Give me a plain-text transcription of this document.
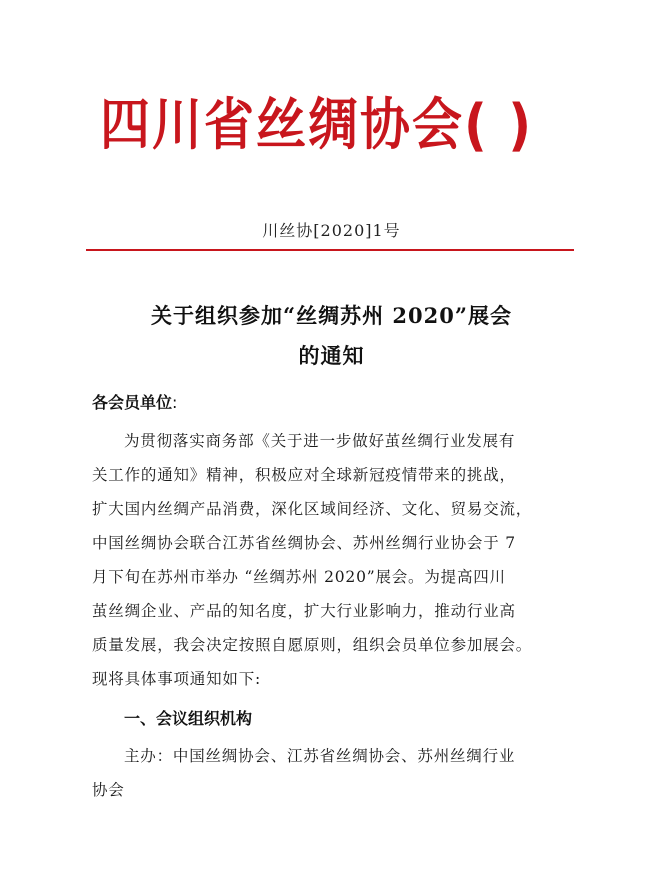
四川省丝绸协会( )
川丝协[2020]1号
关于组织参加“丝绸苏州 2020”展会
的通知
各会员单位:
为贯彻落实商务部《关于进一步做好茧丝绸行业发展有
关工作的通知》精神，积极应对全球新冠疫情带来的挑战，
扩大国内丝绸产品消费，深化区域间经济、文化、贸易交流，
中国丝绸协会联合江苏省丝绸协会、苏州丝绸行业协会于 7
月下旬在苏州市举办 “丝绸苏州 2020”展会。为提高四川
茧丝绸企业、产品的知名度，扩大行业影响力，推动行业高
质量发展，我会决定按照自愿原则，组织会员单位参加展会。
现将具体事项通知如下:
一、会议组织机构
主办：中国丝绸协会、江苏省丝绸协会、苏州丝绸行业
协会
